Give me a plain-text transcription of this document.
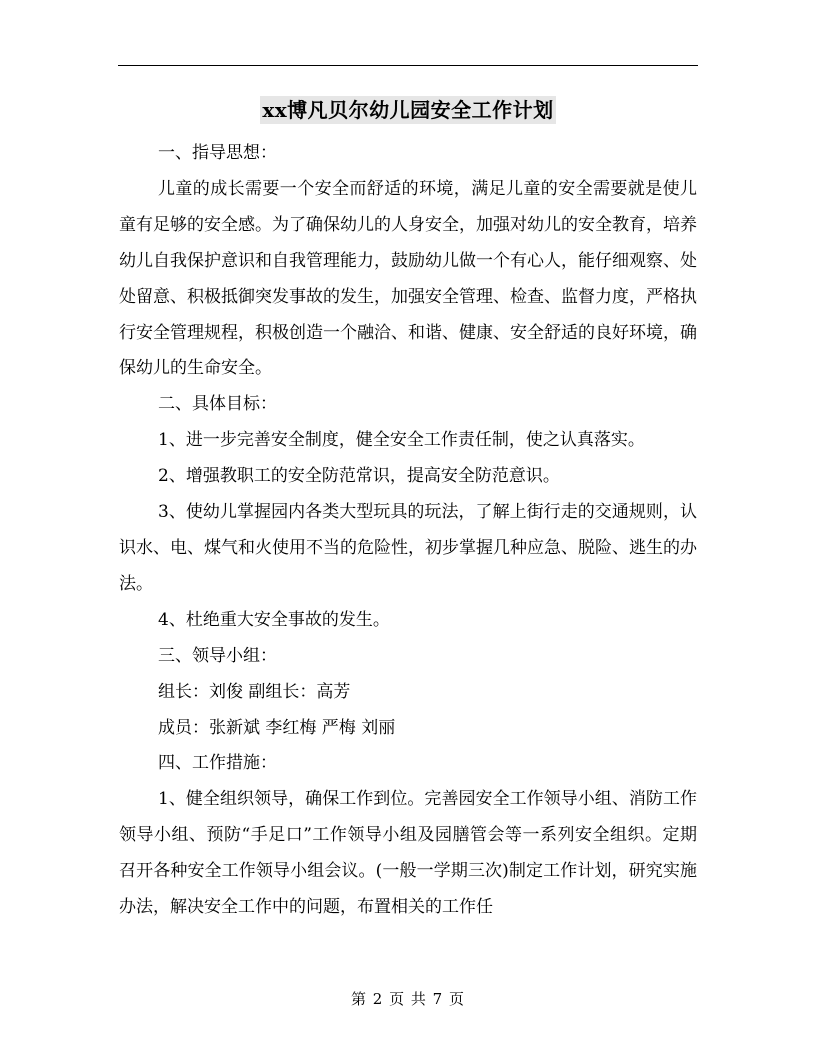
xx博凡贝尔幼儿园安全工作计划

一、指导思想：

儿童的成长需要一个安全而舒适的环境，满足儿童的安全需要就是使儿童有足够的安全感。为了确保幼儿的人身安全，加强对幼儿的安全教育，培养幼儿自我保护意识和自我管理能力，鼓励幼儿做一个有心人，能仔细观察、处处留意、积极抵御突发事故的发生，加强安全管理、检查、监督力度，严格执行安全管理规程，积极创造一个融洽、和谐、健康、安全舒适的良好环境，确保幼儿的生命安全。

二、具体目标：

1、进一步完善安全制度，健全安全工作责任制，使之认真落实。

2、增强教职工的安全防范常识，提高安全防范意识。

3、使幼儿掌握园内各类大型玩具的玩法，了解上街行走的交通规则，认识水、电、煤气和火使用不当的危险性，初步掌握几种应急、脱险、逃生的办法。

4、杜绝重大安全事故的发生。

三、领导小组：

组长：刘俊 副组长：高芳

成员：张新斌 李红梅 严梅 刘丽

四、工作措施：

1、健全组织领导，确保工作到位。完善园安全工作领导小组、消防工作领导小组、预防“手足口”工作领导小组及园膳管会等一系列安全组织。定期召开各种安全工作领导小组会议。(一般一学期三次)制定工作计划，研究实施办法，解决安全工作中的问题，布置相关的工作任

第 2 页 共 7 页
